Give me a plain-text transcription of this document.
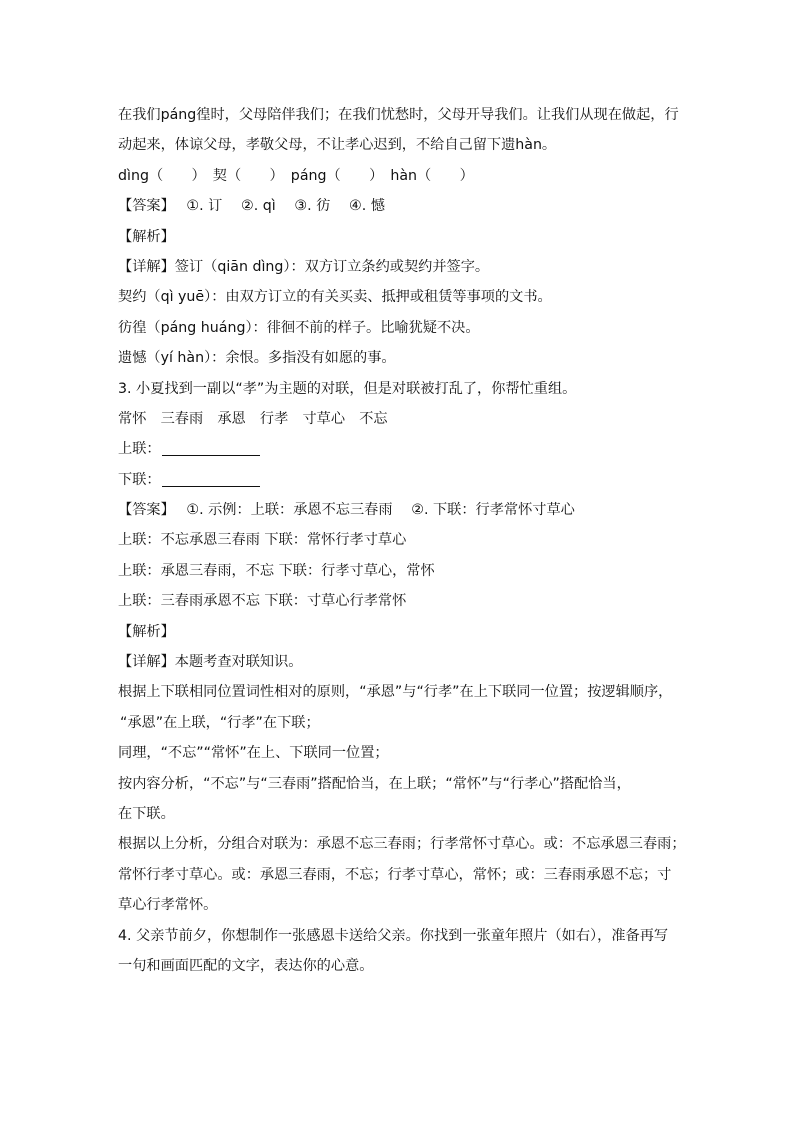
在我们páng徨时，父母陪伴我们；在我们忧愁时，父母开导我们。让我们从现在做起，行
动起来，体谅父母，孝敬父母，不让孝心迟到，不给自己留下遗hàn。
dìng（　　）　契（　　）　páng（　　）　hàn（　　）
【答案】　 ①. 订　 ②. qì　 ③. 彷　 ④. 憾
【解析】
【详解】签订（qiān dìng）：双方订立条约或契约并签字。
契约（qì yuē）：由双方订立的有关买卖、抵押或租赁等事项的文书。
彷徨（páng huáng）：徘徊不前的样子。比喻犹疑不决。
遗憾（yí hàn）：余恨。多指没有如愿的事。
3. 小夏找到一副以“孝”为主题的对联，但是对联被打乱了，你帮忙重组。
常怀　三春雨　承恩　行孝　寸草心　不忘
上联：
下联：
【答案】　 ①. 示例：上联：承恩不忘三春雨　 ②. 下联：行孝常怀寸草心
上联：不忘承恩三春雨 下联：常怀行孝寸草心
上联：承恩三春雨，不忘 下联：行孝寸草心，常怀
上联：三春雨承恩不忘 下联：寸草心行孝常怀
【解析】
【详解】本题考查对联知识。
根据上下联相同位置词性相对的原则，“承恩”与“行孝”在上下联同一位置；按逻辑顺序，
“承恩”在上联，“行孝”在下联；
同理，“不忘”“常怀”在上、下联同一位置；
按内容分析，“不忘”与“三春雨”搭配恰当，在上联；“常怀”与“行孝心”搭配恰当，
在下联。
根据以上分析，分组合对联为：承恩不忘三春雨；行孝常怀寸草心。或：不忘承恩三春雨；
常怀行孝寸草心。或：承恩三春雨，不忘；行孝寸草心，常怀；或：三春雨承恩不忘；寸
草心行孝常怀。
4. 父亲节前夕，你想制作一张感恩卡送给父亲。你找到一张童年照片（如右），准备再写
一句和画面匹配的文字，表达你的心意。
